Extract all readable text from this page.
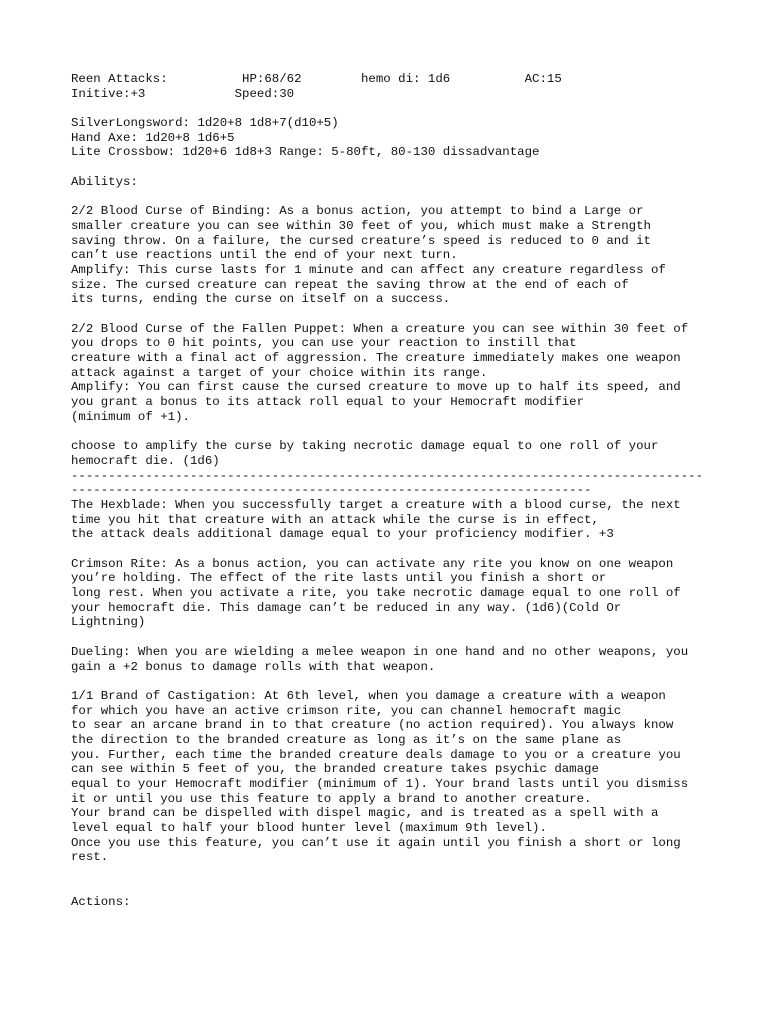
Reen Attacks:          HP:68/62        hemo di: 1d6          AC:15
Initive:+3            Speed:30
SilverLongsword: 1d20+8 1d8+7(d10+5)
Hand Axe: 1d20+8 1d6+5
Lite Crossbow: 1d20+6 1d8+3 Range: 5-80ft, 80-130 dissadvantage
Abilitys:
2/2 Blood Curse of Binding: As a bonus action, you attempt to bind a Large or
smaller creature you can see within 30 feet of you, which must make a Strength
saving throw. On a failure, the cursed creature’s speed is reduced to 0 and it
can’t use reactions until the end of your next turn.
Amplify: This curse lasts for 1 minute and can affect any creature regardless of
size. The cursed creature can repeat the saving throw at the end of each of
its turns, ending the curse on itself on a success.
2/2 Blood Curse of the Fallen Puppet: When a creature you can see within 30 feet of
you drops to 0 hit points, you can use your reaction to instill that
creature with a final act of aggression. The creature immediately makes one weapon
attack against a target of your choice within its range.
Amplify: You can first cause the cursed creature to move up to half its speed, and
you grant a bonus to its attack roll equal to your Hemocraft modifier
(minimum of +1).
choose to amplify the curse by taking necrotic damage equal to one roll of your
hemocraft die. (1d6)
-------------------------------------------------------------------------------------
----------------------------------------------------------------------
The Hexblade: When you successfully target a creature with a blood curse, the next
time you hit that creature with an attack while the curse is in effect,
the attack deals additional damage equal to your proficiency modifier. +3
Crimson Rite: As a bonus action, you can activate any rite you know on one weapon
you’re holding. The effect of the rite lasts until you finish a short or
long rest. When you activate a rite, you take necrotic damage equal to one roll of
your hemocraft die. This damage can’t be reduced in any way. (1d6)(Cold Or
Lightning)
Dueling: When you are wielding a melee weapon in one hand and no other weapons, you
gain a +2 bonus to damage rolls with that weapon.
1/1 Brand of Castigation: At 6th level, when you damage a creature with a weapon
for which you have an active crimson rite, you can channel hemocraft magic
to sear an arcane brand in to that creature (no action required). You always know
the direction to the branded creature as long as it’s on the same plane as
you. Further, each time the branded creature deals damage to you or a creature you
can see within 5 feet of you, the branded creature takes psychic damage
equal to your Hemocraft modifier (minimum of 1). Your brand lasts until you dismiss
it or until you use this feature to apply a brand to another creature.
Your brand can be dispelled with dispel magic, and is treated as a spell with a
level equal to half your blood hunter level (maximum 9th level).
Once you use this feature, you can’t use it again until you finish a short or long
rest.
Actions:
